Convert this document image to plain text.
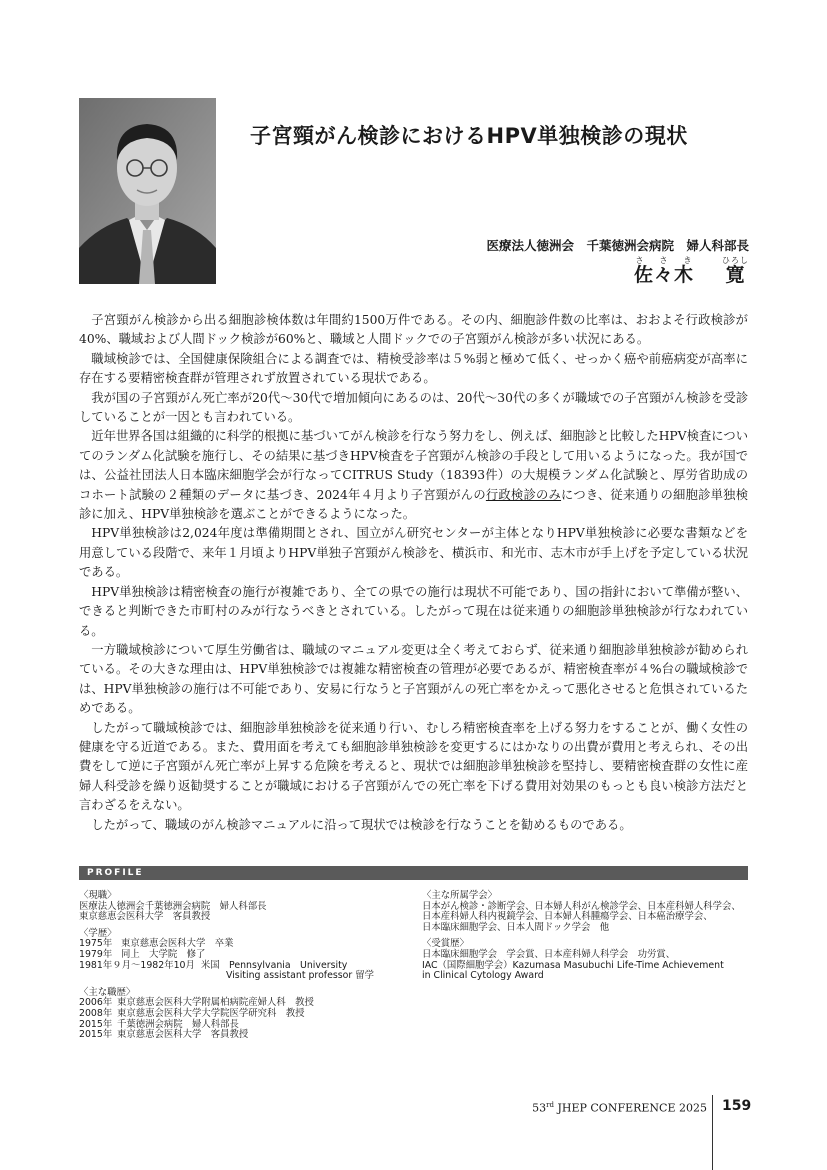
子宮頸がん検診におけるHPV単独検診の現状
医療法人徳洲会　千葉徳洲会病院　婦人科部長
佐々木さ　 さ　 き寛ひろし

子宮頸がん検診から出る細胞診検体数は年間約1500万件である。その内、細胞診件数の比率は、おおよそ行政検診が40%、職域および人間ドック検診が60%と、職域と人間ドックでの子宮頸がん検診が多い状況にある。

職域検診では、全国健康保険組合による調査では、精検受診率は５%弱と極めて低く、せっかく癌や前癌病変が高率に存在する要精密検査群が管理されず放置されている現状である。

我が国の子宮頸がん死亡率が20代～30代で増加傾向にあるのは、20代～30代の多くが職域での子宮頸がん検診を受診していることが一因とも言われている。

近年世界各国は組織的に科学的根拠に基づいてがん検診を行なう努力をし、例えば、細胞診と比較したHPV検査についてのランダム化試験を施行し、その結果に基づきHPV検査を子宮頸がん検診の手段として用いるようになった。我が国では、公益社団法人日本臨床細胞学会が行なってCITRUS Study（18393件）の大規模ランダム化試験と、厚労省助成のコホート試験の２種類のデータに基づき、2024年４月より子宮頸がんの行政検診のみにつき、従来通りの細胞診単独検診に加え、HPV単独検診を選ぶことができるようになった。

HPV単独検診は2,024年度は準備期間とされ、国立がん研究センターが主体となりHPV単独検診に必要な書類などを用意している段階で、来年１月頃よりHPV単独子宮頸がん検診を、横浜市、和光市、志木市が手上げを予定している状況である。

HPV単独検診は精密検査の施行が複雑であり、全ての県での施行は現状不可能であり、国の指針において準備が整い、できると判断できた市町村のみが行なうべきとされている。したがって現在は従来通りの細胞診単独検診が行なわれている。

一方職域検診について厚生労働省は、職域のマニュアル変更は全く考えておらず、従来通り細胞診単独検診が勧められている。その大きな理由は、HPV単独検診では複雑な精密検査の管理が必要であるが、精密検査率が４%台の職域検診では、HPV単独検診の施行は不可能であり、安易に行なうと子宮頸がんの死亡率をかえって悪化させると危惧されているためである。

したがって職域検診では、細胞診単独検診を従来通り行い、むしろ精密検査率を上げる努力をすることが、働く女性の健康を守る近道である。また、費用面を考えても細胞診単独検診を変更するにはかなりの出費が費用と考えられ、その出費をして逆に子宮頸がん死亡率が上昇する危険を考えると、現状では細胞診単独検診を堅持し、要精密検査群の女性に産婦人科受診を繰り返勧奨することが職域における子宮頸がんでの死亡率を下げる費用対効果のもっとも良い検診方法だと言わざるをえない。

したがって、職域のがん検診マニュアルに沿って現状では検診を行なうことを勧めるものである。

PROFILE
〈現職〉
医療法人徳洲会千葉徳洲会病院　婦人科部長
東京慈恵会医科大学　客員教授
〈学歴〉
1975年 東京慈恵会医科大学　卒業
1979年 同上　大学院　修了
1981年９月～1982年10月 米国　Pennsylvania　University
Visiting assistant professor 留学
〈主な職歴〉
2006年 東京慈恵会医科大学附属柏病院産婦人科　教授
2008年 東京慈恵会医科大学大学院医学研究科　教授
2015年 千葉徳洲会病院　婦人科部長
2015年 東京慈恵会医科大学　客員教授
〈主な所属学会〉
日本がん検診・診断学会、日本婦人科がん検診学会、日本産科婦人科学会、
日本産科婦人科内視鏡学会、日本婦人科腫瘍学会、日本癌治療学会、
日本臨床細胞学会、日本人間ドック学会　他
〈受賞歴〉
日本臨床細胞学会　学会賞、日本産科婦人科学会　功労賞、
IAC（国際細胞学会）Kazumasa Masubuchi Life-Time Achievement
in Clinical Cytology Award
53rd JHEP CONFERENCE 2025 159
